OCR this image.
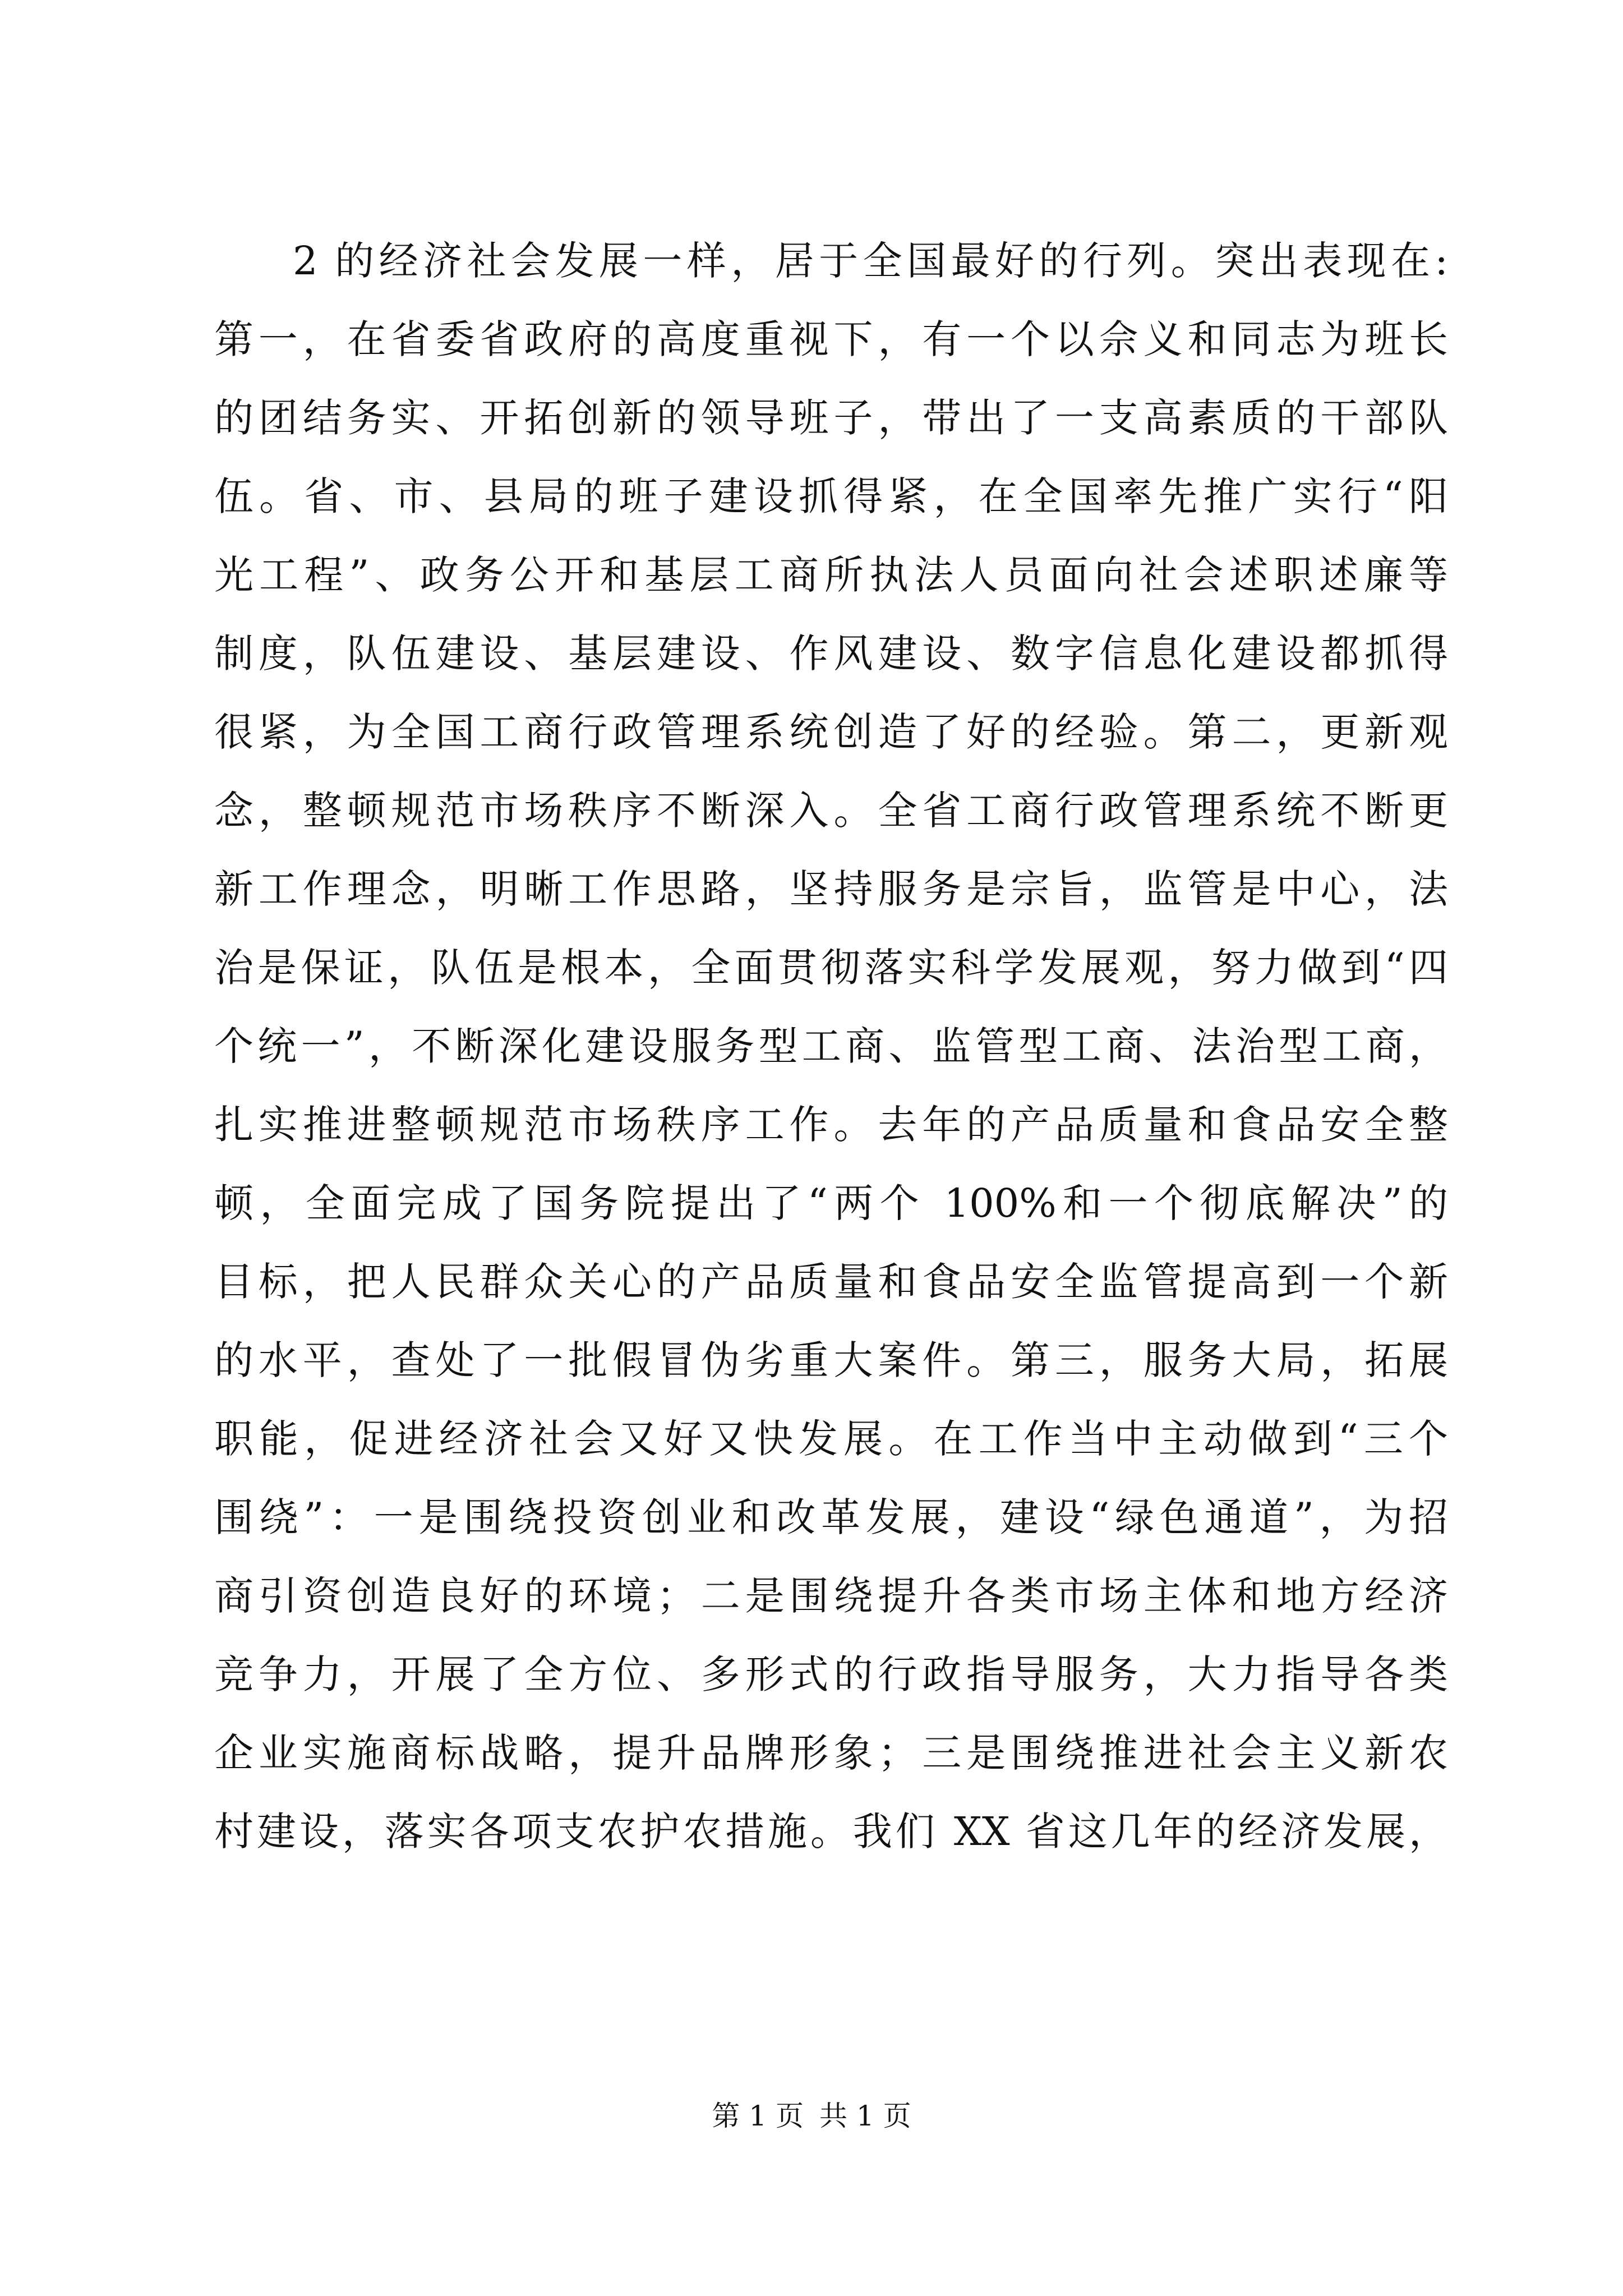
2 的经济社会发展一样，居于全国最好的行列。突出表现在:
第一，在省委省政府的高度重视下，有一个以佘义和同志为班长
的团结务实、开拓创新的领导班子，带出了一支高素质的干部队
伍。省、市、县局的班子建设抓得紧，在全国率先推广实行“阳
光工程”、政务公开和基层工商所执法人员面向社会述职述廉等
制度，队伍建设、基层建设、作风建设、数字信息化建设都抓得
很紧，为全国工商行政管理系统创造了好的经验。第二，更新观
念，整顿规范市场秩序不断深入。全省工商行政管理系统不断更
新工作理念，明晰工作思路，坚持服务是宗旨，监管是中心，法
治是保证，队伍是根本，全面贯彻落实科学发展观，努力做到“四
个统一”，不断深化建设服务型工商、监管型工商、法治型工商，
扎实推进整顿规范市场秩序工作。去年的产品质量和食品安全整
顿，全面完成了国务院提出了“两个 100%和一个彻底解决”的
目标，把人民群众关心的产品质量和食品安全监管提高到一个新
的水平，查处了一批假冒伪劣重大案件。第三，服务大局，拓展
职能，促进经济社会又好又快发展。在工作当中主动做到“三个
围绕”：一是围绕投资创业和改革发展，建设“绿色通道”，为招
商引资创造良好的环境；二是围绕提升各类市场主体和地方经济
竞争力，开展了全方位、多形式的行政指导服务，大力指导各类
企业实施商标战略，提升品牌形象；三是围绕推进社会主义新农
村建设，落实各项支农护农措施。我们 XX 省这几年的经济发展，
第 1 页 共 1 页
